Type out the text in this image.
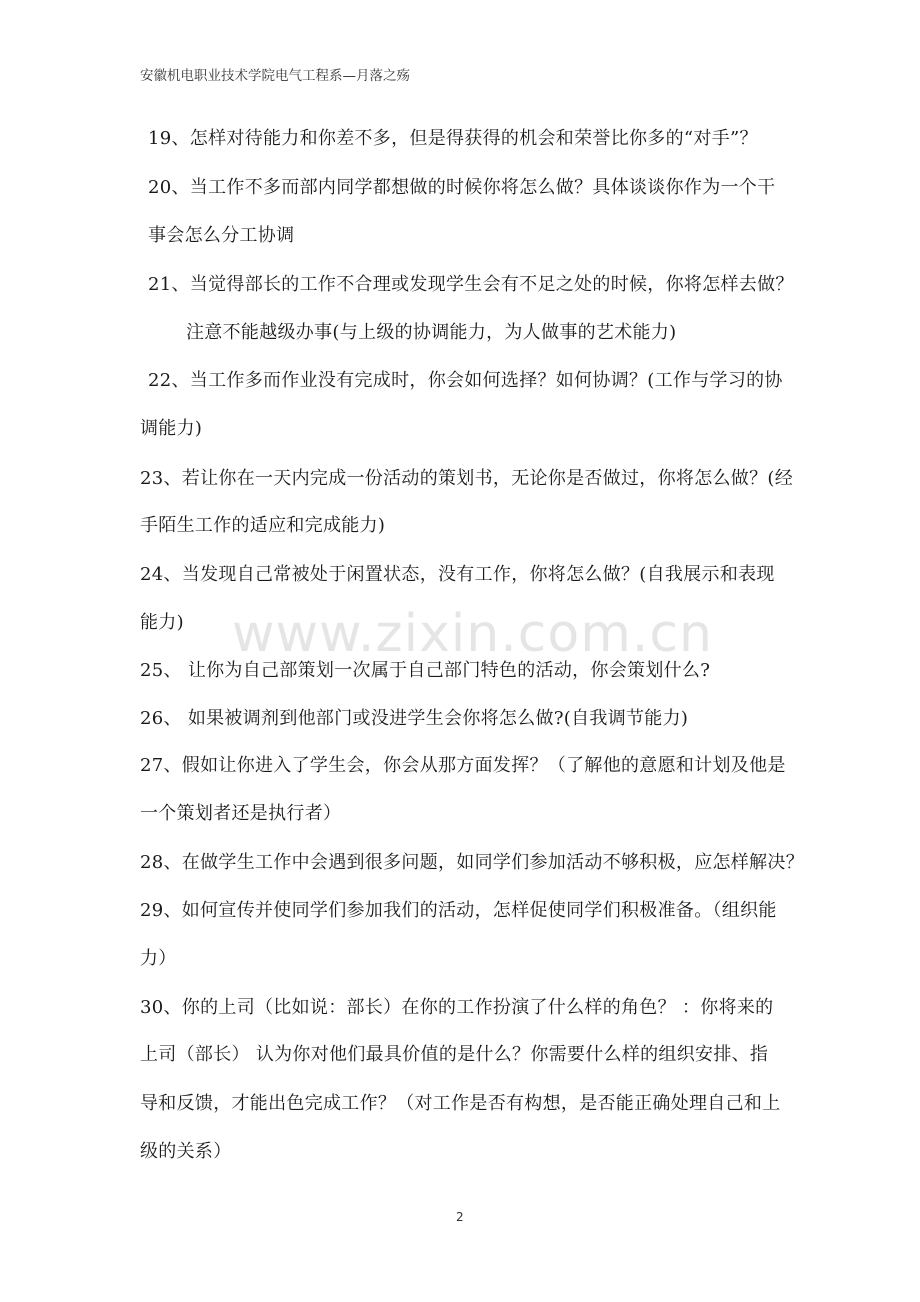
安徽机电职业技术学院电气工程系—月落之殇
19、怎样对待能力和你差不多，但是得获得的机会和荣誉比你多的“对手”？
20、当工作不多而部内同学都想做的时候你将怎么做？具体谈谈你作为一个干
事会怎么分工协调
21、当觉得部长的工作不合理或发现学生会有不足之处的时候，你将怎样去做？
注意不能越级办事(与上级的协调能力，为人做事的艺术能力)
22、当工作多而作业没有完成时，你会如何选择？如何协调？(工作与学习的协
调能力)
23、若让你在一天内完成一份活动的策划书，无论你是否做过，你将怎么做？(经
手陌生工作的适应和完成能力)
24、当发现自己常被处于闲置状态，没有工作，你将怎么做？(自我展示和表现
能力)
25、 让你为自己部策划一次属于自己部门特色的活动，你会策划什么?
26、 如果被调剂到他部门或没进学生会你将怎么做?(自我调节能力)
27、假如让你进入了学生会，你会从那方面发挥？（了解他的意愿和计划及他是
一个策划者还是执行者）
28、在做学生工作中会遇到很多问题，如同学们参加活动不够积极，应怎样解决？
29、如何宣传并使同学们参加我们的活动，怎样促使同学们积极准备。（组织能
力）
30、你的上司（比如说：部长）在你的工作扮演了什么样的角色？ ：你将来的
上司（部长） 认为你对他们最具价值的是什么？你需要什么样的组织安排、指
导和反馈，才能出色完成工作？（对工作是否有构想，是否能正确处理自己和上
级的关系）
www.zixin.com.cn
2
